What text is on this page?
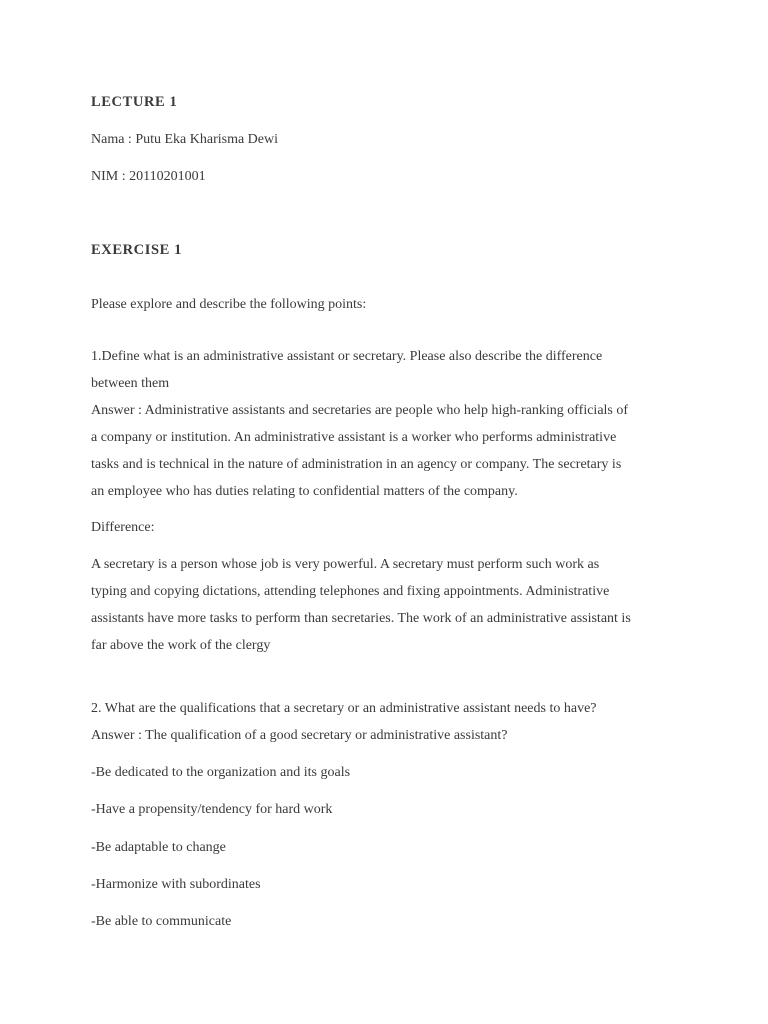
LECTURE 1
Nama : Putu Eka Kharisma Dewi
NIM : 20110201001
EXERCISE 1
Please explore and describe the following points:
1.Define what is an administrative assistant or secretary. Please also describe the difference
between them
Answer : Administrative assistants and secretaries are people who help high-ranking officials of
a company or institution. An administrative assistant is a worker who performs administrative
tasks and is technical in the nature of administration in an agency or company. The secretary is
an employee who has duties relating to confidential matters of the company.
Difference:
A secretary is a person whose job is very powerful. A secretary must perform such work as
typing and copying dictations, attending telephones and fixing appointments. Administrative
assistants have more tasks to perform than secretaries. The work of an administrative assistant is
far above the work of the clergy
2. What are the qualifications that a secretary or an administrative assistant needs to have?
Answer : The qualification of a good secretary or administrative assistant?
-Be dedicated to the organization and its goals
-Have a propensity/tendency for hard work
-Be adaptable to change
-Harmonize with subordinates
-Be able to communicate
